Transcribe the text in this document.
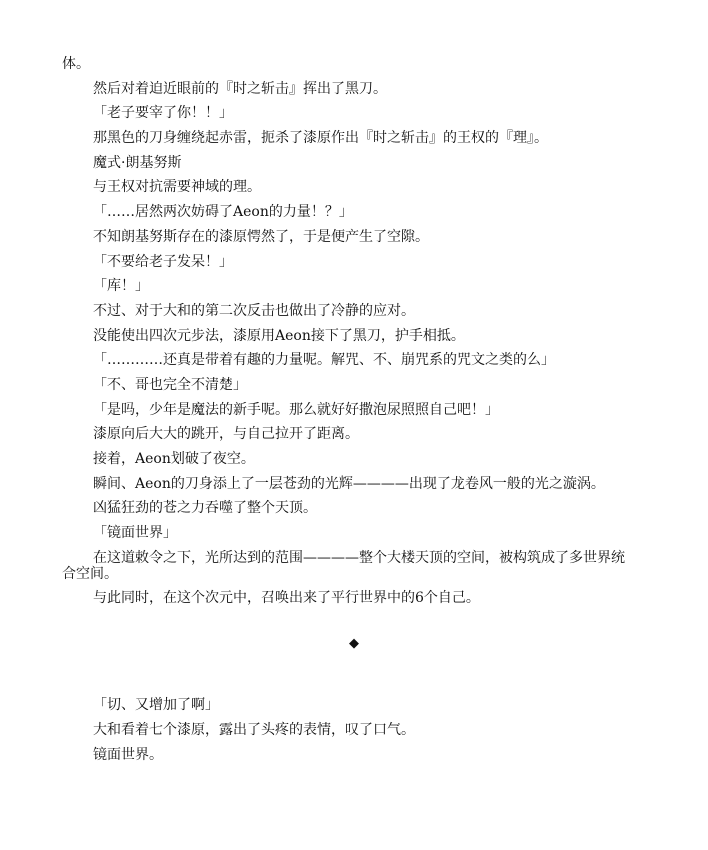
体。

然后对着迫近眼前的『时之斩击』挥出了黑刀。

「老子要宰了你！！」

那黑色的刀身缠绕起赤雷，扼杀了漆原作出『时之斩击』的王权的『理』。

魔式·朗基努斯

与王权对抗需要神域的理。

「……居然两次妨碍了Aeon的力量！？」

不知朗基努斯存在的漆原愕然了，于是便产生了空隙。

「不要给老子发呆！」

「库！」

不过、对于大和的第二次反击也做出了冷静的应对。

没能使出四次元步法，漆原用Aeon接下了黑刀，护手相抵。

「…………还真是带着有趣的力量呢。解咒、不、崩咒系的咒文之类的么」

「不、哥也完全不清楚」

「是吗，少年是魔法的新手呢。那么就好好撒泡尿照照自己吧！」

漆原向后大大的跳开，与自己拉开了距离。

接着，Aeon划破了夜空。

瞬间、Aeon的刀身添上了一层苍劲的光辉————出现了龙卷风一般的光之漩涡。

凶猛狂劲的苍之力吞噬了整个天顶。

「镜面世界」

在这道敕令之下，光所达到的范围————整个大楼天顶的空间，被构筑成了多世界统合空间。

与此同时，在这个次元中，召唤出来了平行世界中的6个自己。

◆

「切、又增加了啊」

大和看着七个漆原，露出了头疼的表情，叹了口气。

镜面世界。
